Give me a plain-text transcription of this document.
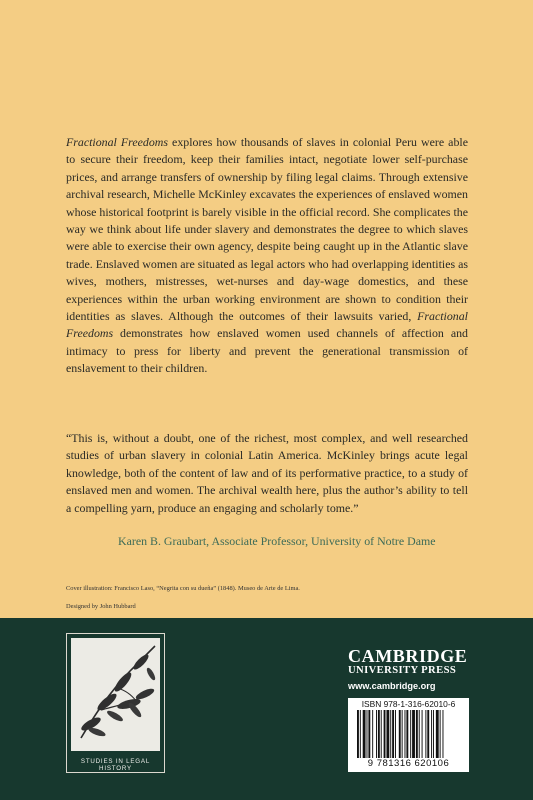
Fractional Freedoms explores how thousands of slaves in colonial Peru were able to secure their freedom, keep their families intact, negotiate lower self-purchase prices, and arrange transfers of ownership by filing legal claims. Through extensive archival research, Michelle McKinley excavates the experiences of enslaved women whose historical footprint is barely visible in the official record. She complicates the way we think about life under slavery and demonstrates the degree to which slaves were able to exercise their own agency, despite being caught up in the Atlantic slave trade. Enslaved women are situated as legal actors who had overlapping identities as wives, mothers, mistresses, wet-nurses and day-wage domestics, and these experiences within the urban working environment are shown to condition their identities as slaves. Although the outcomes of their lawsuits varied, Fractional Freedoms demonstrates how enslaved women used channels of affection and intimacy to press for liberty and prevent the generational transmission of enslavement to their children.

“This is, without a doubt, one of the richest, most complex, and well researched studies of urban slavery in colonial Latin America. McKinley brings acute legal knowledge, both of the content of law and of its performative practice, to a study of enslaved men and women. The archival wealth here, plus the author’s ability to tell a compelling yarn, produce an engaging and scholarly tome.”

Karen B. Graubart, Associate Professor, University of Notre Dame
Cover illustration: Francisco Laso, “Negrita con su dueña” (1848). Museo de Arte de Lima.
Designed by John Hubbard
STUDIES IN LEGAL HISTORY
CAMBRIDGE
UNIVERSITY PRESS
www.cambridge.org
ISBN 978-1-316-62010-6
9 781316 620106
